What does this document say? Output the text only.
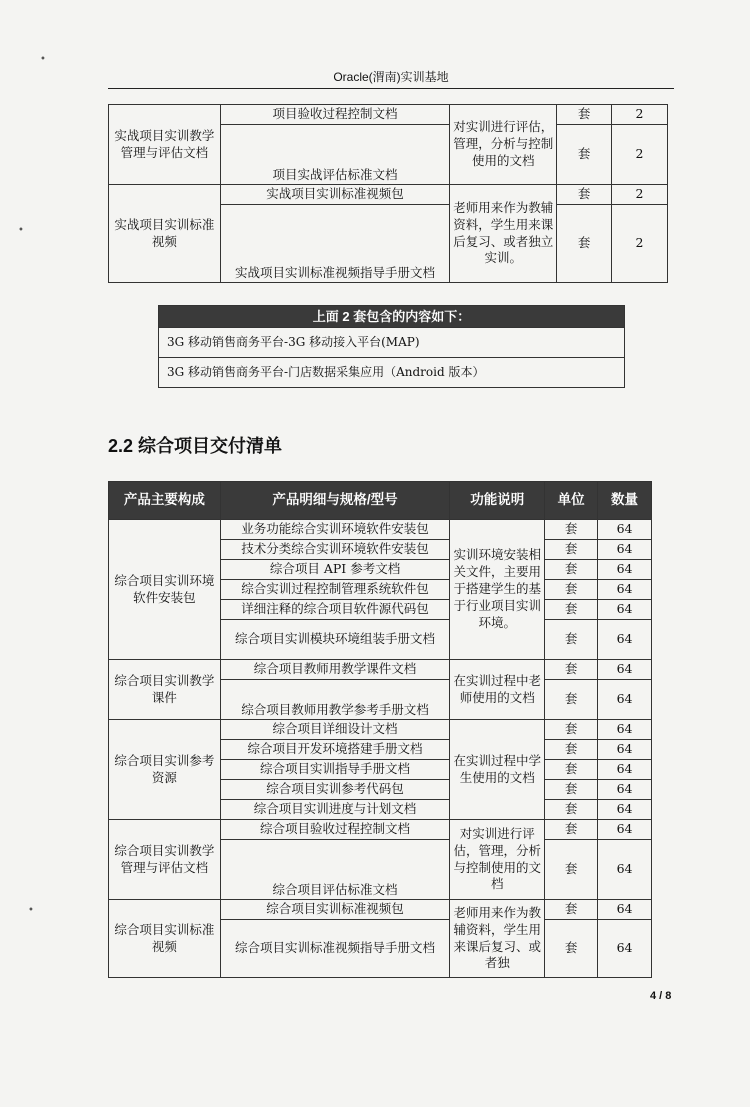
Oracle(渭南)实训基地
实战项目实训教学管理与评估文档	项目验收过程控制文档	对实训进行评估，管理，分析与控制使用的文档	套	2
	项目实战评估标准文档		套	2
实战项目实训标准视频	实战项目实训标准视频包	老师用来作为教辅资料，学生用来课后复习、或者独立实训。	套	2
	实战项目实训标准视频指导手册文档		套	2
上面 2 套包含的内容如下：
3G 移动销售商务平台-3G 移动接入平台(MAP)
3G 移动销售商务平台-门店数据采集应用（Android 版本）
2.2 综合项目交付清单
产品主要构成	产品明细与规格/型号	功能说明	单位	数量
综合项目实训环境软件安装包	业务功能综合实训环境软件安装包	实训环境安装相关文件，主要用于搭建学生的基于行业项目实训环境。	套	64
	技术分类综合实训环境软件安装包		套	64
	综合项目 API 参考文档		套	64
	综合实训过程控制管理系统软件包		套	64
	详细注释的综合项目软件源代码包		套	64
	综合项目实训模块环境组装手册文档		套	64
综合项目实训教学课件	综合项目教师用教学课件文档	在实训过程中老师使用的文档	套	64
	综合项目教师用教学参考手册文档		套	64
综合项目实训参考资源	综合项目详细设计文档	在实训过程中学生使用的文档	套	64
	综合项目开发环境搭建手册文档		套	64
	综合项目实训指导手册文档		套	64
	综合项目实训参考代码包		套	64
	综合项目实训进度与计划文档		套	64
综合项目实训教学管理与评估文档	综合项目验收过程控制文档	对实训进行评估，管理，分析与控制使用的文档	套	64
	综合项目评估标准文档		套	64
综合项目实训标准视频	综合项目实训标准视频包	老师用来作为教辅资料，学生用来课后复习、或者独	套	64
	综合项目实训标准视频指导手册文档		套	64
4 / 8
•
•
•
